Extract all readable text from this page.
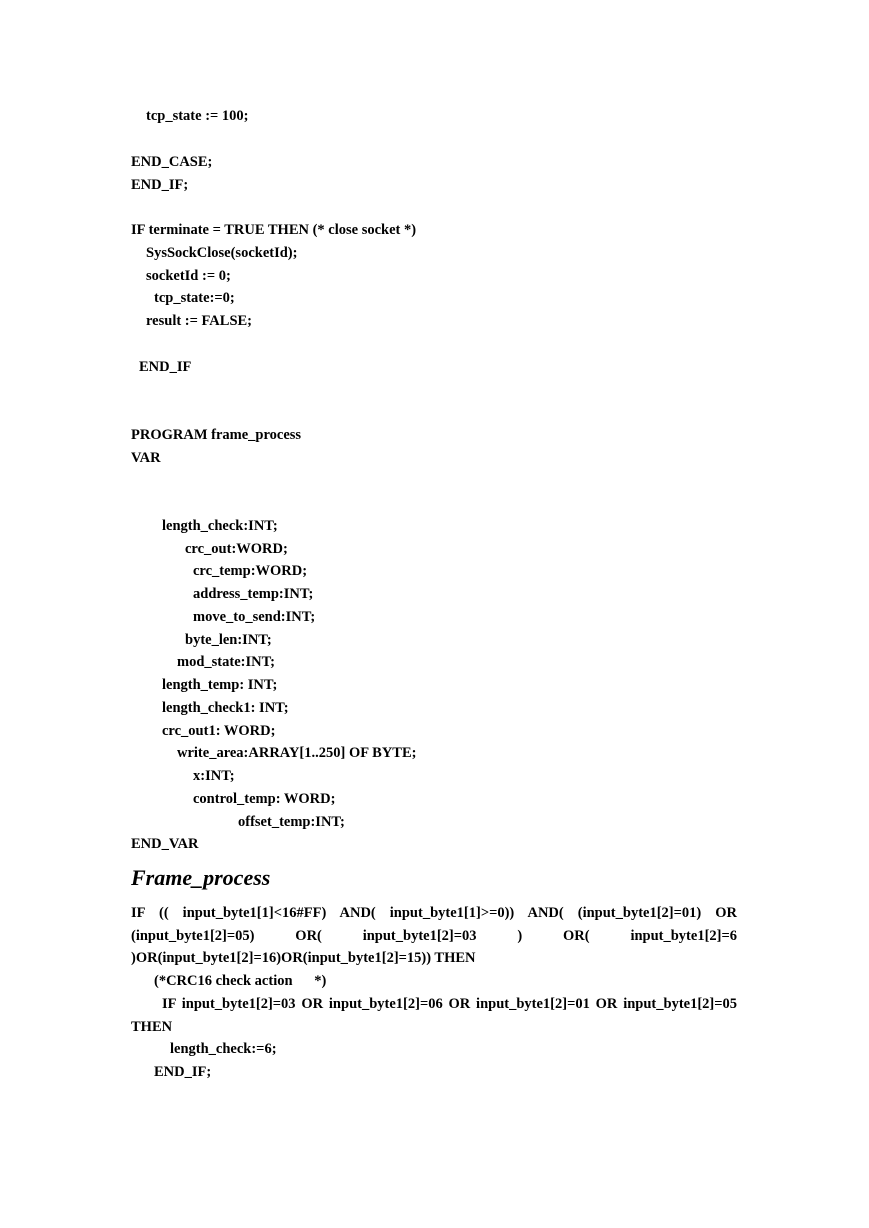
tcp_state := 100;

END_CASE;

END_IF;

IF terminate = TRUE THEN (* close socket *)

SysSockClose(socketId);

socketId := 0;

tcp_state:=0;

result := FALSE;

END_IF

PROGRAM frame_process

VAR

length_check:INT;

crc_out:WORD;

crc_temp:WORD;

address_temp:INT;

move_to_send:INT;

byte_len:INT;

mod_state:INT;

length_temp: INT;

length_check1: INT;

crc_out1: WORD;

write_area:ARRAY[1..250] OF BYTE;

x:INT;

control_temp: WORD;

offset_temp:INT;

END_VAR

Frame_process

IF (( input_byte1[1]<16#FF) AND( input_byte1[1]>=0)) AND( (input_byte1[2]=01) OR (input_byte1[2]=05) OR( input_byte1[2]=03 ) OR( input_byte1[2]=6 )OR(input_byte1[2]=16)OR(input_byte1[2]=15)) THEN

(*CRC16 check action      *)

IF input_byte1[2]=03 OR input_byte1[2]=06 OR input_byte1[2]=01 OR input_byte1[2]=05 THEN

length_check:=6;

END_IF;
